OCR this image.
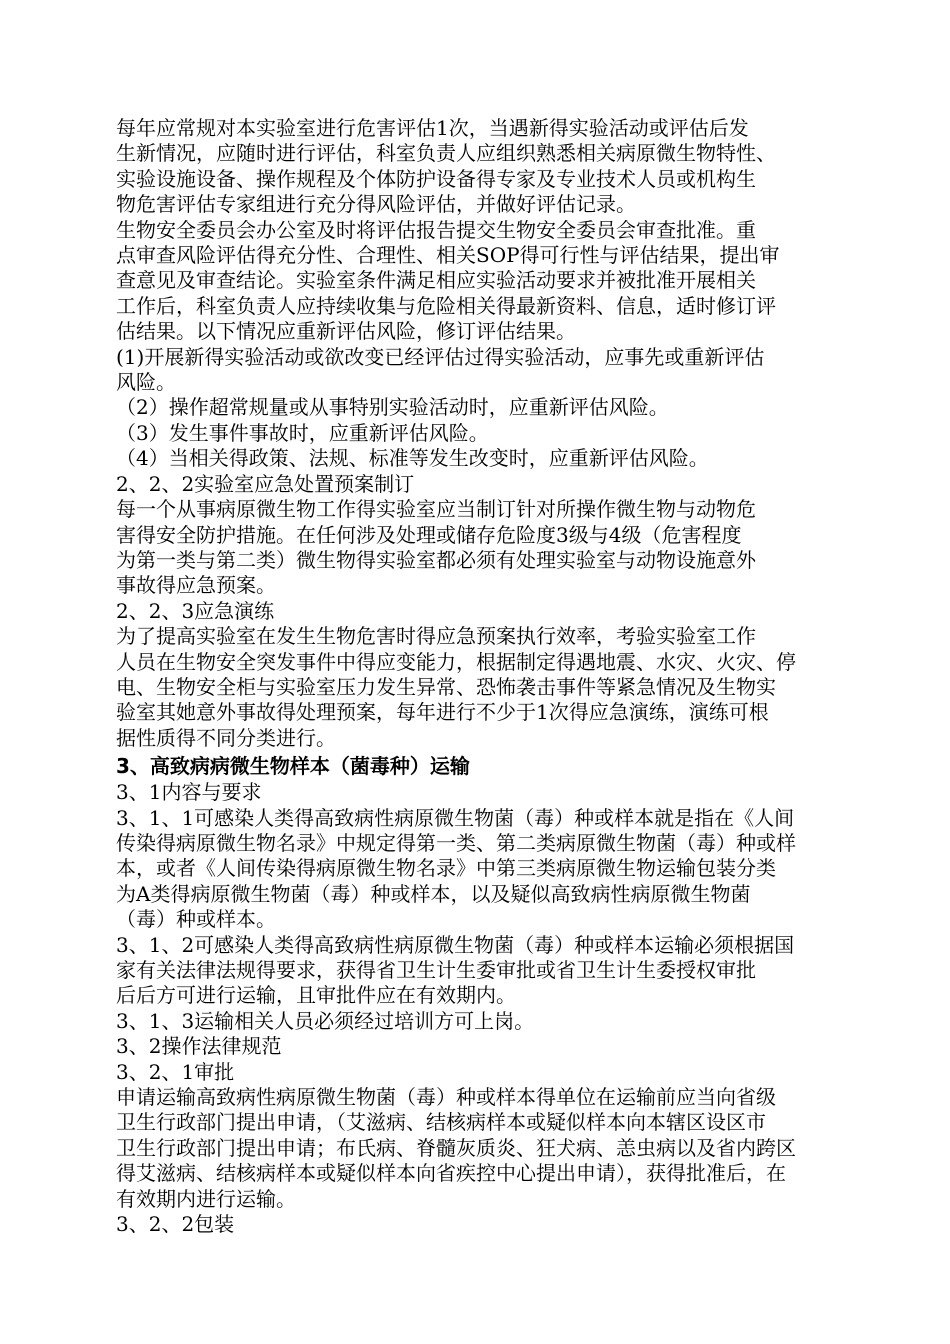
每年应常规对本实验室进行危害评估1次，当遇新得实验活动或评估后发
生新情况，应随时进行评估，科室负责人应组织熟悉相关病原微生物特性、
实验设施设备、操作规程及个体防护设备得专家及专业技术人员或机构生
物危害评估专家组进行充分得风险评估，并做好评估记录。
生物安全委员会办公室及时将评估报告提交生物安全委员会审查批准。重
点审查风险评估得充分性、合理性、相关SOP得可行性与评估结果，提出审
查意见及审查结论。实验室条件满足相应实验活动要求并被批准开展相关
工作后，科室负责人应持续收集与危险相关得最新资料、信息，适时修订评
估结果。以下情况应重新评估风险，修订评估结果。
(1)开展新得实验活动或欲改变已经评估过得实验活动，应事先或重新评估
风险。
（2）操作超常规量或从事特别实验活动时，应重新评估风险。
（3）发生事件事故时，应重新评估风险。
（4）当相关得政策、法规、标准等发生改变时，应重新评估风险。
2、2、2实验室应急处置预案制订
每一个从事病原微生物工作得实验室应当制订针对所操作微生物与动物危
害得安全防护措施。在任何涉及处理或储存危险度3级与4级（危害程度
为第一类与第二类）微生物得实验室都必须有处理实验室与动物设施意外
事故得应急预案。
2、2、3应急演练
为了提高实验室在发生生物危害时得应急预案执行效率，考验实验室工作
人员在生物安全突发事件中得应变能力，根据制定得遇地震、水灾、火灾、停
电、生物安全柜与实验室压力发生异常、恐怖袭击事件等紧急情况及生物实
验室其她意外事故得处理预案，每年进行不少于1次得应急演练，演练可根
据性质得不同分类进行。
3、高致病病微生物样本（菌毒种）运输
3、1内容与要求
3、1、1可感染人类得高致病性病原微生物菌（毒）种或样本就是指在《人间
传染得病原微生物名录》中规定得第一类、第二类病原微生物菌（毒）种或样
本，或者《人间传染得病原微生物名录》中第三类病原微生物运输包装分类
为A类得病原微生物菌（毒）种或样本，以及疑似高致病性病原微生物菌
（毒）种或样本。
3、1、2可感染人类得高致病性病原微生物菌（毒）种或样本运输必须根据国
家有关法律法规得要求，获得省卫生计生委审批或省卫生计生委授权审批
后后方可进行运输，且审批件应在有效期内。
3、1、3运输相关人员必须经过培训方可上岗。
3、2操作法律规范
3、2、1审批
申请运输高致病性病原微生物菌（毒）种或样本得单位在运输前应当向省级
卫生行政部门提出申请，（艾滋病、结核病样本或疑似样本向本辖区设区市
卫生行政部门提出申请；布氏病、脊髓灰质炎、狂犬病、恙虫病以及省内跨区
得艾滋病、结核病样本或疑似样本向省疾控中心提出申请），获得批准后，在
有效期内进行运输。
3、2、2包装
